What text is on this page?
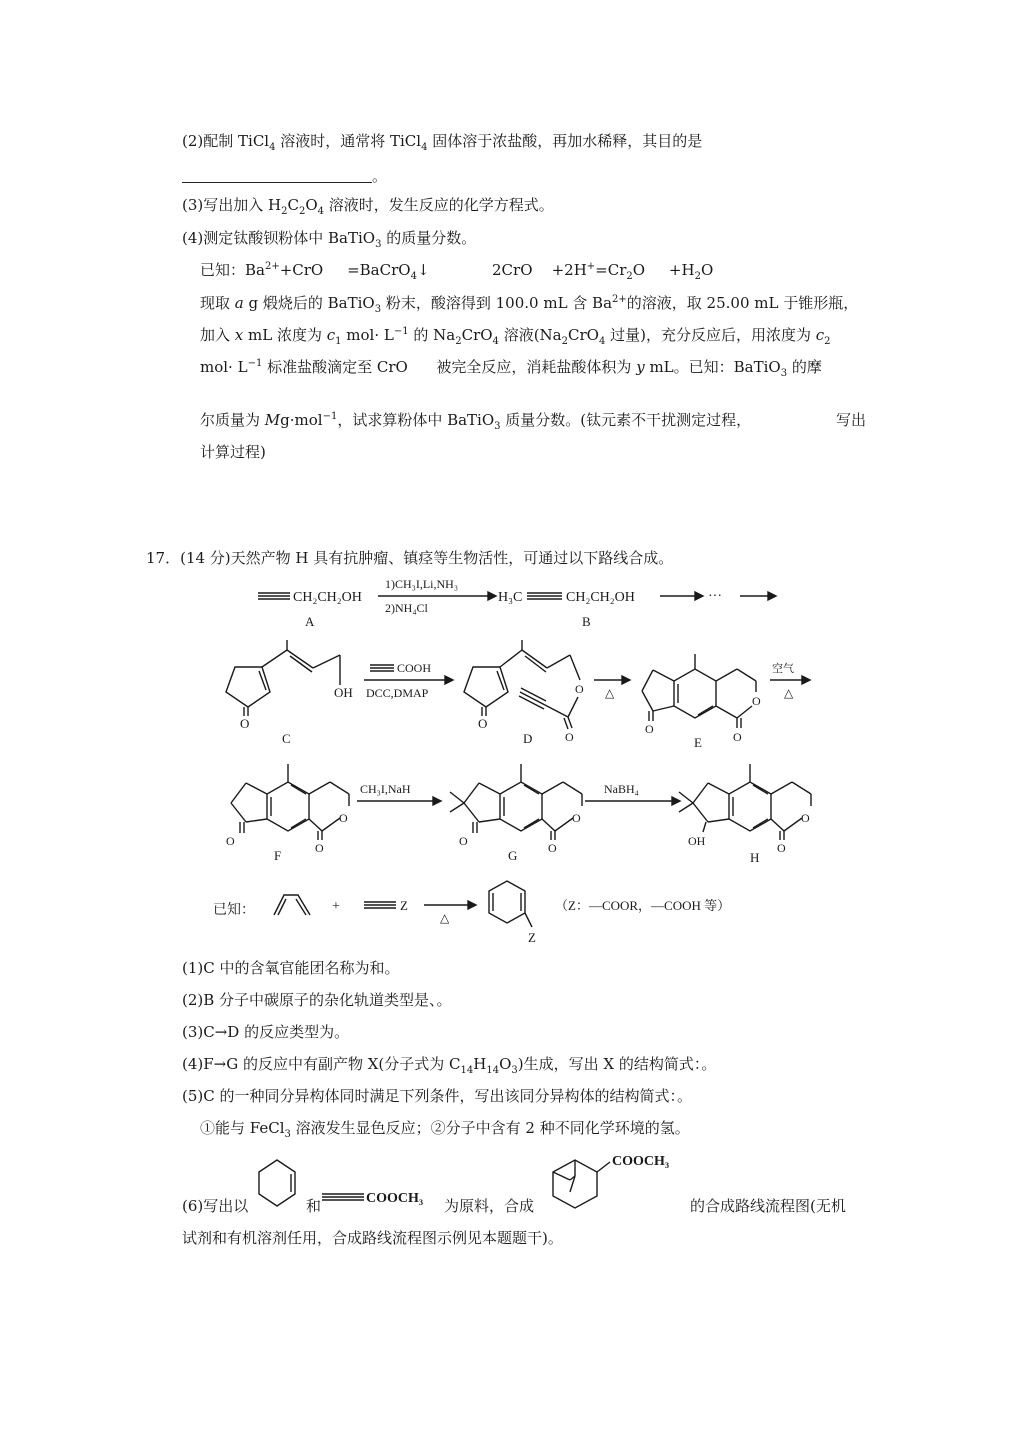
(2)配制 TiCl$_4$ 溶液时，通常将 TiCl$_4$ 固体溶于浓盐酸，再加水稀释，其目的是
。
(3)写出加入 $H_2C_2O_4$ 溶液时，发生反应的化学方程式。
(4)测定钛酸钡粉体中 BaTiO$_3$ 的质量分数。
已知：$Ba^{2+}+CrO$ =BaCrO$_4$↓	$2CrO +2H^+=Cr_2O +H_2O$
现取 a g 煅烧后的 BaTiO$_3$ 粉末，酸溶得到 100.0 mL 含 $Ba^{2+}$的溶液，取 25.00 mL 于锥形瓶，
加入 x mL 浓度为 $c_1$ $mol\cdot L^{-1}$ 的 $Na_2CrO_4$ 溶液($Na_2CrO_4$ 过量)，充分反应后，用浓度为 $c_2$
$mol\cdot L^{-1}$ 标准盐酸滴定至 CrO 被完全反应，消耗盐酸体积为 y mL。已知：BaTiO$_3$ 的摩
尔质量为 Mg·mol$^{-1}$，试求算粉体中 BaTiO$_3$ 质量分数。(钛元素不干扰测定过程，	写出
计算过程)
17．(14 分)天然产物 H 具有抗肿瘤、镇痉等生物活性，可通过以下路线合成。
CH₂CH₂OH
1)CH₃I,Li,NH₃
2)NH₄Cl
H₃C	CH₂CH₂OH	···
A	B
O
OH
C
COOH
DCC,DMAP
O
O
O
D
△
O
O
O
E
空气
△
O
O
O
F
CH₃I,NaH
O
O
O
G
NaBH₄
OH
O
O
H
已知：	+	Z
△
Z
（Z：—COOR，—COOH 等）
(1)C 中的含氧官能团名称为和。
(2)B 分子中碳原子的杂化轨道类型是、。
(3)C→D 的反应类型为。
(4)F→G 的反应中有副产物 X(分子式为 $C_{14}H_{14}O_3$)生成，写出 X 的结构简式：。
(5)C 的一种同分异构体同时满足下列条件，写出该同分异构体的结构简式：。
①能与 FeCl$_3$ 溶液发生显色反应；②分子中含有 2 种不同化学环境的氢。
(6)写出以	和	为原料，合成	的合成路线流程图(无机
试剂和有机溶剂任用，合成路线流程图示例见本题题干)。
COOCH₃
COOCH₃
